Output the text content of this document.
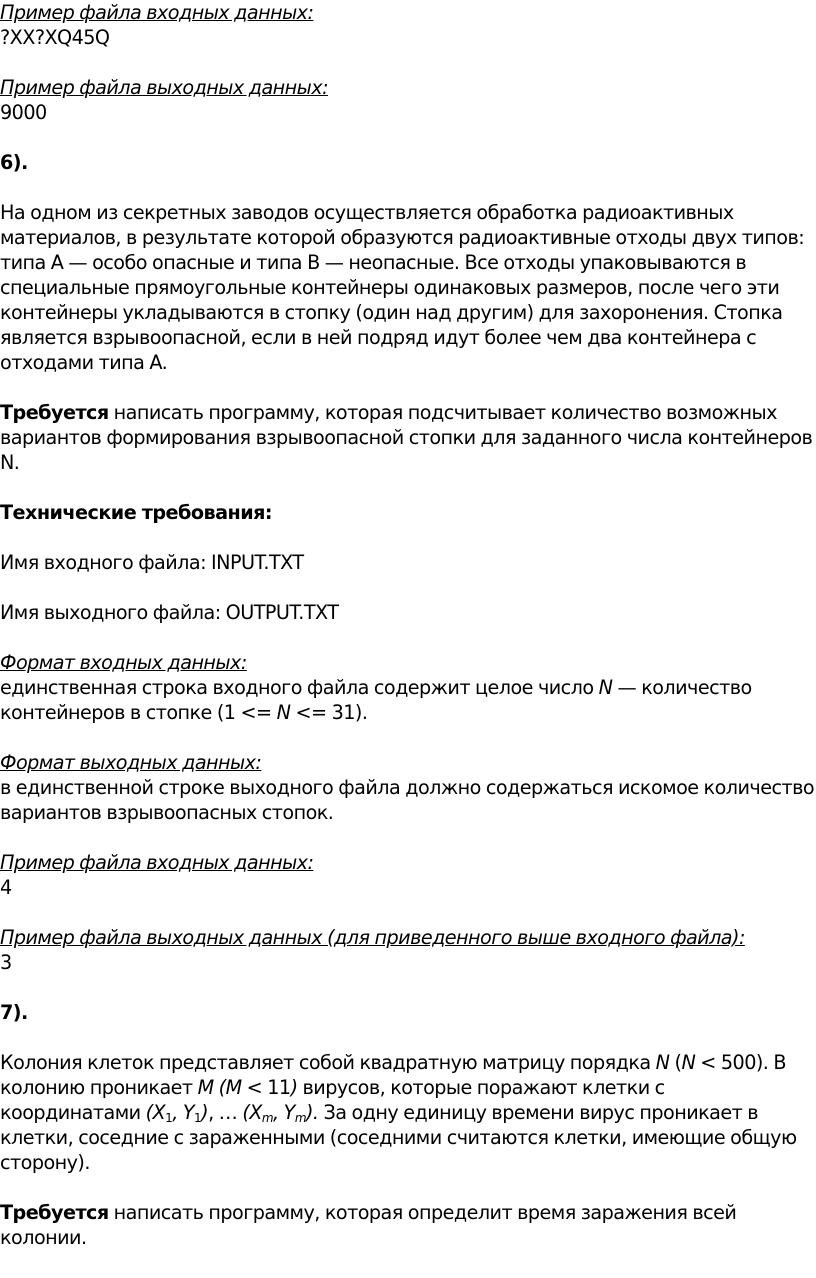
Пример файла входных данных:

?XX?XQ45Q

Пример файла выходных данных:

9000

6).

На одном из секретных заводов осуществляется обработка радиоактивных

материалов, в результате которой образуются радиоактивные отходы двух типов:

типа A — особо опасные и типа B — неопасные. Все отходы упаковываются в

специальные прямоугольные контейнеры одинаковых размеров, после чего эти

контейнеры укладываются в стопку (один над другим) для захоронения. Стопка

является взрывоопасной, если в ней подряд идут более чем два контейнера с

отходами типа A.

Требуется написать программу, которая подсчитывает количество возможных

вариантов формирования взрывоопасной стопки для заданного числа контейнеров

N.

Технические требования:

Имя входного файла: INPUT.TXT

Имя выходного файла: OUTPUT.TXT

Формат входных данных:

единственная строка входного файла содержит целое число N — количество

контейнеров в стопке (1 <= N <= 31).

Формат выходных данных:

в единственной строке выходного файла должно содержаться искомое количество

вариантов взрывоопасных стопок.

Пример файла входных данных:

4

Пример файла выходных данных (для приведенного выше входного файла):

3

7).

Колония клеток представляет собой квадратную матрицу порядка N (N < 500). В

колонию проникает M (M < 11) вирусов, которые поражают клетки с

координатами ($X_1$, $Y_1$), … ($X_m$, $Y_m$). За одну единицу времени вирус проникает в

клетки, соседние с зараженными (соседними считаются клетки, имеющие общую

сторону).

Требуется написать программу, которая определит время заражения всей

колонии.
